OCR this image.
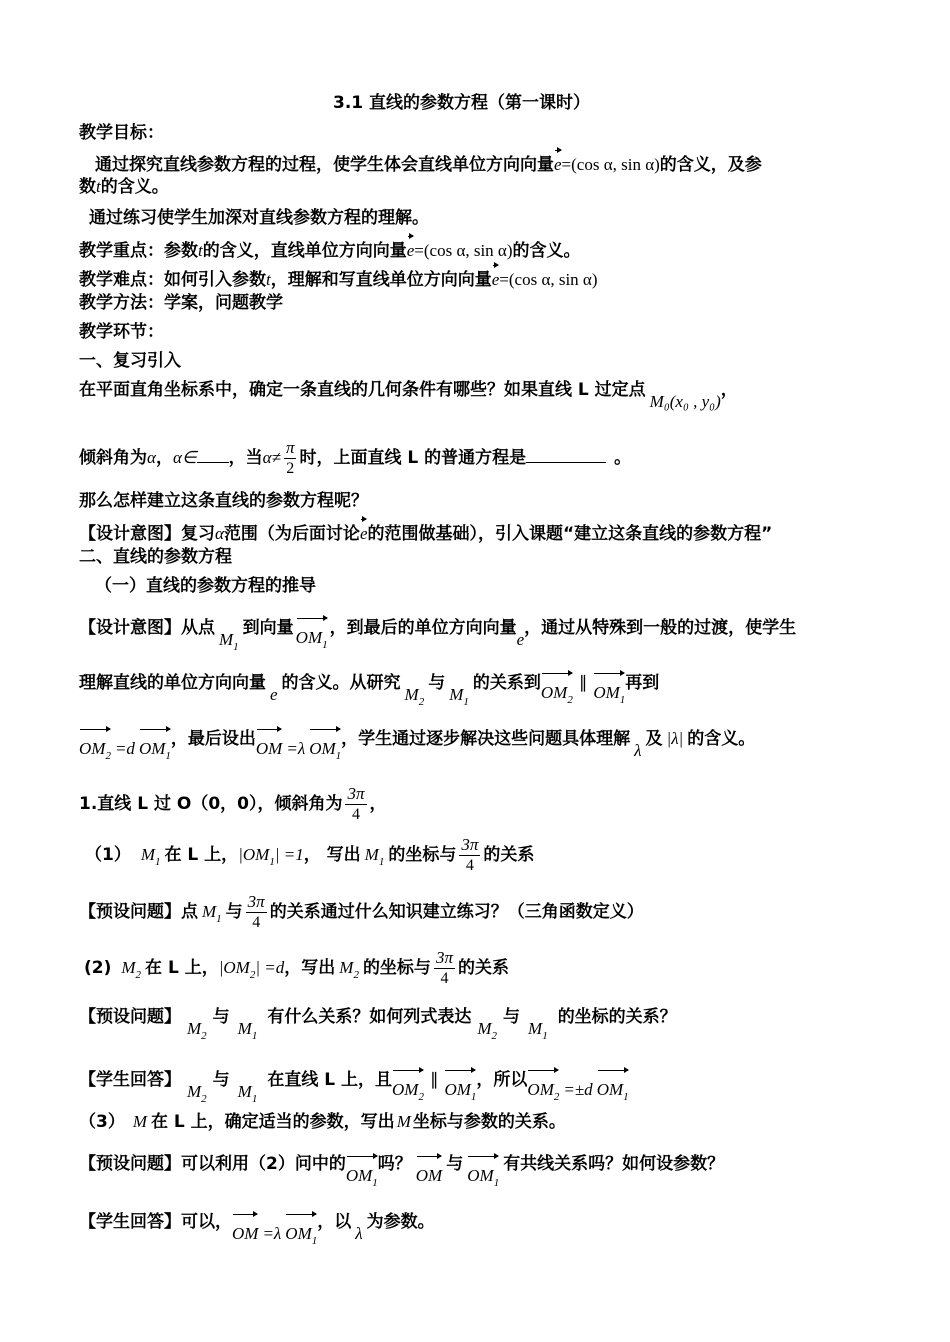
3.1 直线的参数方程（第一课时）
教学目标：
通过探究直线参数方程的过程，使学生体会直线单位方向向量e=(cos α, sin α)的含义，及参
数t的含义。
通过练习使学生加深对直线参数方程的理解。
教学重点：参数t的含义，直线单位方向向量e=(cos α, sin α)的含义。
教学难点：如何引入参数t，理解和写直线单位方向向量e=(cos α, sin α)
教学方法：学案，问题教学
教学环节：
一、复习引入
在平面直角坐标系中，确定一条直线的几何条件有哪些？如果直线 L 过定点M₀(x₀ , y₀)，
倾斜角为α，α∈ ，当$\alpha\ne \frac{\pi}{2}$ 时，上面直线 L 的普通方程是	。
那么怎样建立这条直线的参数方程呢？
【设计意图】复习α范围（为后面讨论e的范围做基础），引入课题“建立这条直线的参数方程”
二、直线的参数方程
（一）直线的参数方程的推导
【设计意图】从点$M_1$到向量 $OM_1$，到最后的单位方向向量e，通过从特殊到一般的过渡，使学生
理解直线的单位方向向量e的含义。从研究$M_2$与$M_1$的关系到$OM_2\parallel OM_1$再到
$OM_2 =d$ $OM_1$，最后设出OM =λ $OM_1$，学生通过逐步解决这些问题具体理解λ及 |λ| 的含义。
1.直线 L 过 O（0，0），倾斜角为 $\frac{3\pi}{4}$ ，
（1） $M_1$ 在 L 上，$|OM_1| =1$， 写出 $M_1$ 的坐标与 $\frac{3\pi}{4}$ 的关系
【预设问题】点 $M_1$ 与 $\frac{3\pi}{4}$ 的关系通过什么知识建立练习？（三角函数定义）
(2) $M_2$ 在 L 上，$|OM_2| =d$，写出 $M_2$ 的坐标与 $\frac{3\pi}{4}$ 的关系
【预设问题】$M_2$与$M_1$有什么关系？如何列式表达$M_2$与$M_1$的坐标的关系？
【学生回答】$M_2$与$M_1$在直线 L 上，且$OM_2\parallel OM_1$，所以$OM_2 =\pm d$ $OM_1$
（3） M 在 L 上，确定适当的参数，写出 M 坐标与参数的关系。
【预设问题】可以利用（2）问中的$OM_1$吗？OM与$OM_1$有共线关系吗？如何设参数？
【学生回答】可以，OM =λ $OM_1$，以λ为参数。
